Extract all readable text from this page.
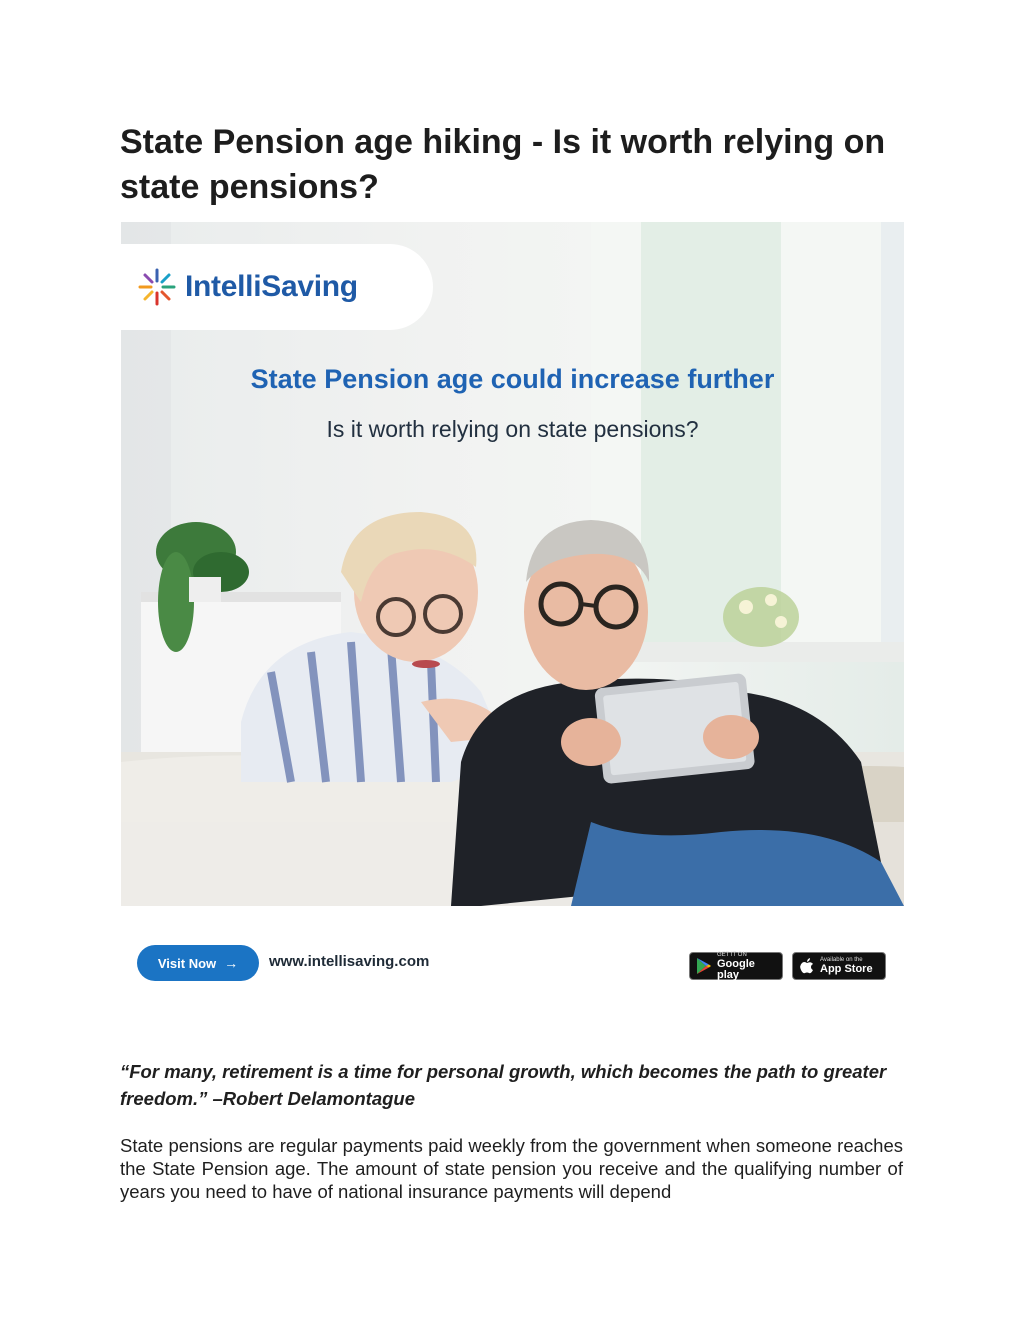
State Pension age hiking - Is it worth relying on state pensions?
IntelliSaving
State Pension age could increase further
Is it worth relying on state pensions?
Visit Now → www.intellisaving.com	GET IT ON
Google play
Available on the
App Store

“For many, retirement is a time for personal growth, which becomes the path to greater freedom.” –Robert Delamontague

State pensions are regular payments paid weekly from the government when someone reaches the State Pension age. The amount of state pension you receive and the qualifying number of years you need to have of national insurance payments will depend
